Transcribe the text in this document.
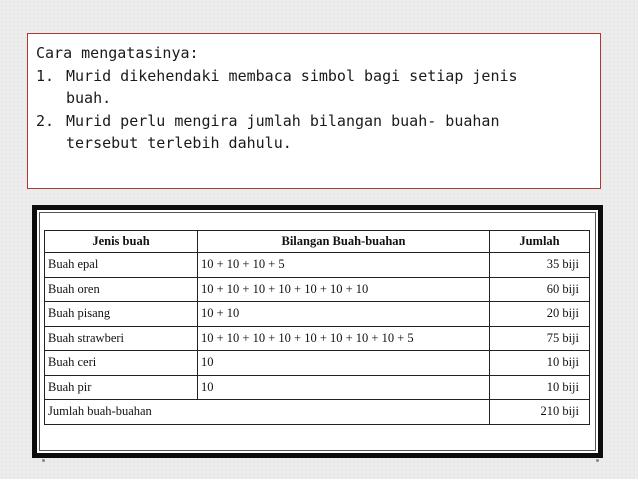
Cara mengatasinya:
1. Murid dikehendaki membaca simbol bagi setiap jenis
buah.
2. Murid perlu mengira jumlah bilangan buah- buahan
tersebut terlebih dahulu.
Jenis buah	Bilangan Buah-buahan	Jumlah
Buah epal	10 + 10 + 10 + 5	35 biji
Buah oren	10 + 10 + 10 + 10 + 10 + 10 + 10	60 biji
Buah pisang	10 + 10	20 biji
Buah strawberi	10 + 10 + 10 + 10 + 10 + 10 + 10 + 10 + 5	75 biji
Buah ceri	10	10 biji
Buah pir	10	10 biji
Jumlah buah-buahan		210 biji
